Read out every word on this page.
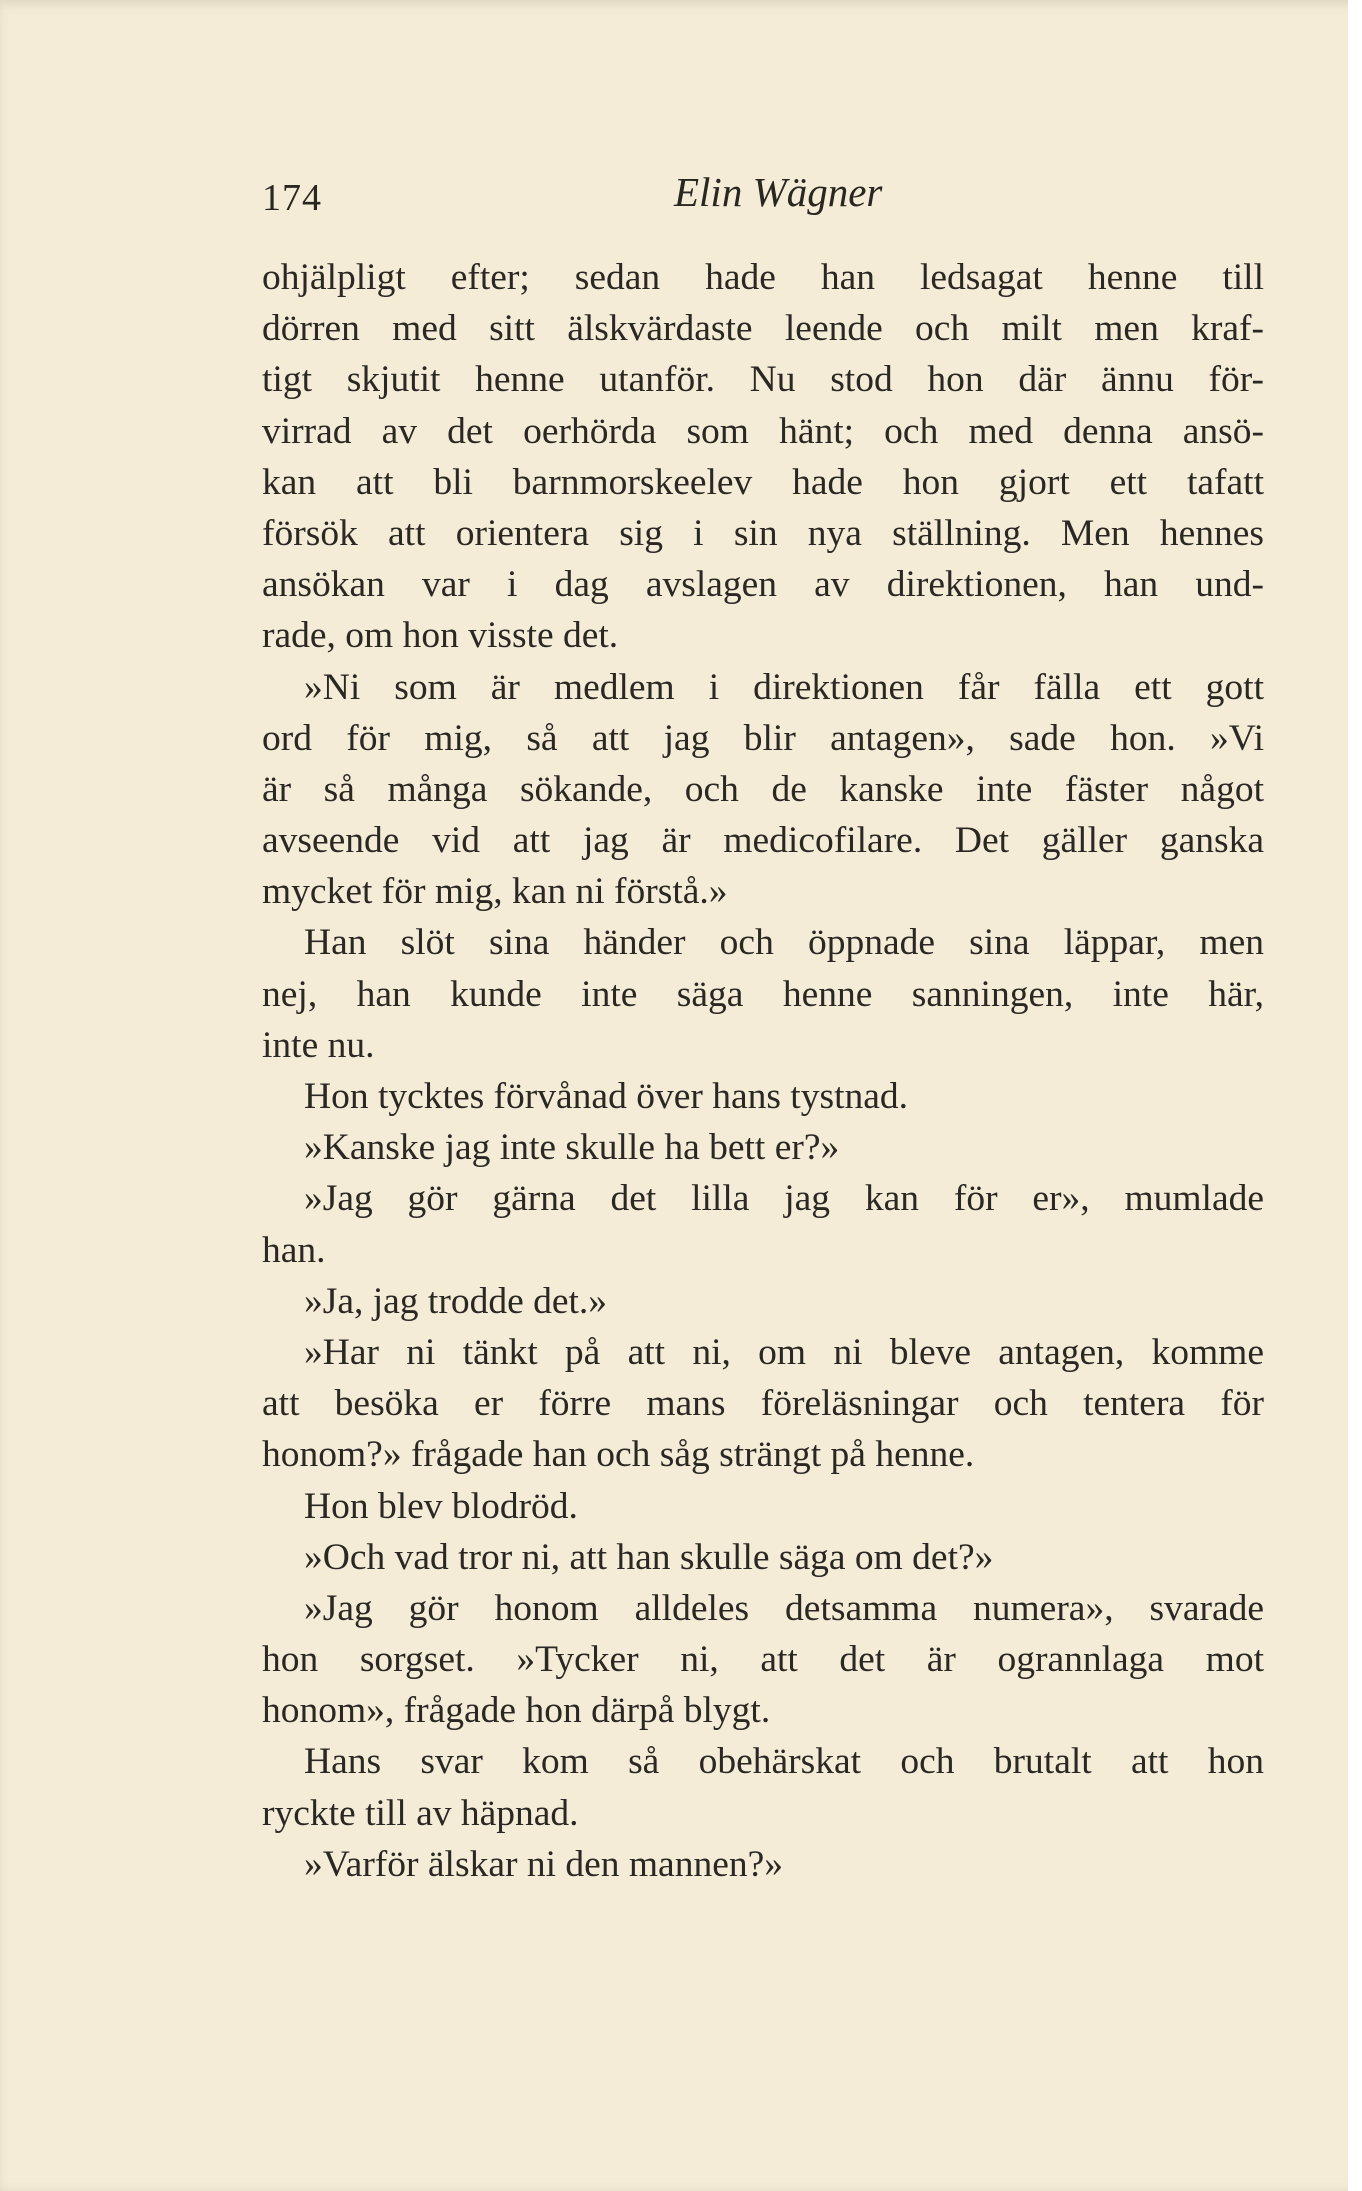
174	Elin Wägner
ohjälpligt efter; sedan hade han ledsagat henne till
dörren med sitt älskvärdaste leende och milt men kraf-
tigt skjutit henne utanför. Nu stod hon där ännu för-
virrad av det oerhörda som hänt; och med denna ansö-
kan att bli barnmorskeelev hade hon gjort ett tafatt
försök att orientera sig i sin nya ställning. Men hennes
ansökan var i dag avslagen av direktionen, han und-
rade, om hon visste det.
»Ni som är medlem i direktionen får fälla ett gott
ord för mig, så att jag blir antagen», sade hon. »Vi
är så många sökande, och de kanske inte fäster något
avseende vid att jag är medicofilare. Det gäller ganska
mycket för mig, kan ni förstå.»
Han slöt sina händer och öppnade sina läppar, men
nej, han kunde inte säga henne sanningen, inte här,
inte nu.
Hon tycktes förvånad över hans tystnad.
»Kanske jag inte skulle ha bett er?»
»Jag gör gärna det lilla jag kan för er», mumlade
han.
»Ja, jag trodde det.»
»Har ni tänkt på att ni, om ni bleve antagen, komme
att besöka er förre mans föreläsningar och tentera för
honom?» frågade han och såg strängt på henne.
Hon blev blodröd.
»Och vad tror ni, att han skulle säga om det?»
»Jag gör honom alldeles detsamma numera», svarade
hon sorgset. »Tycker ni, att det är ogrannlaga mot
honom», frågade hon därpå blygt.
Hans svar kom så obehärskat och brutalt att hon
ryckte till av häpnad.
»Varför älskar ni den mannen?»
